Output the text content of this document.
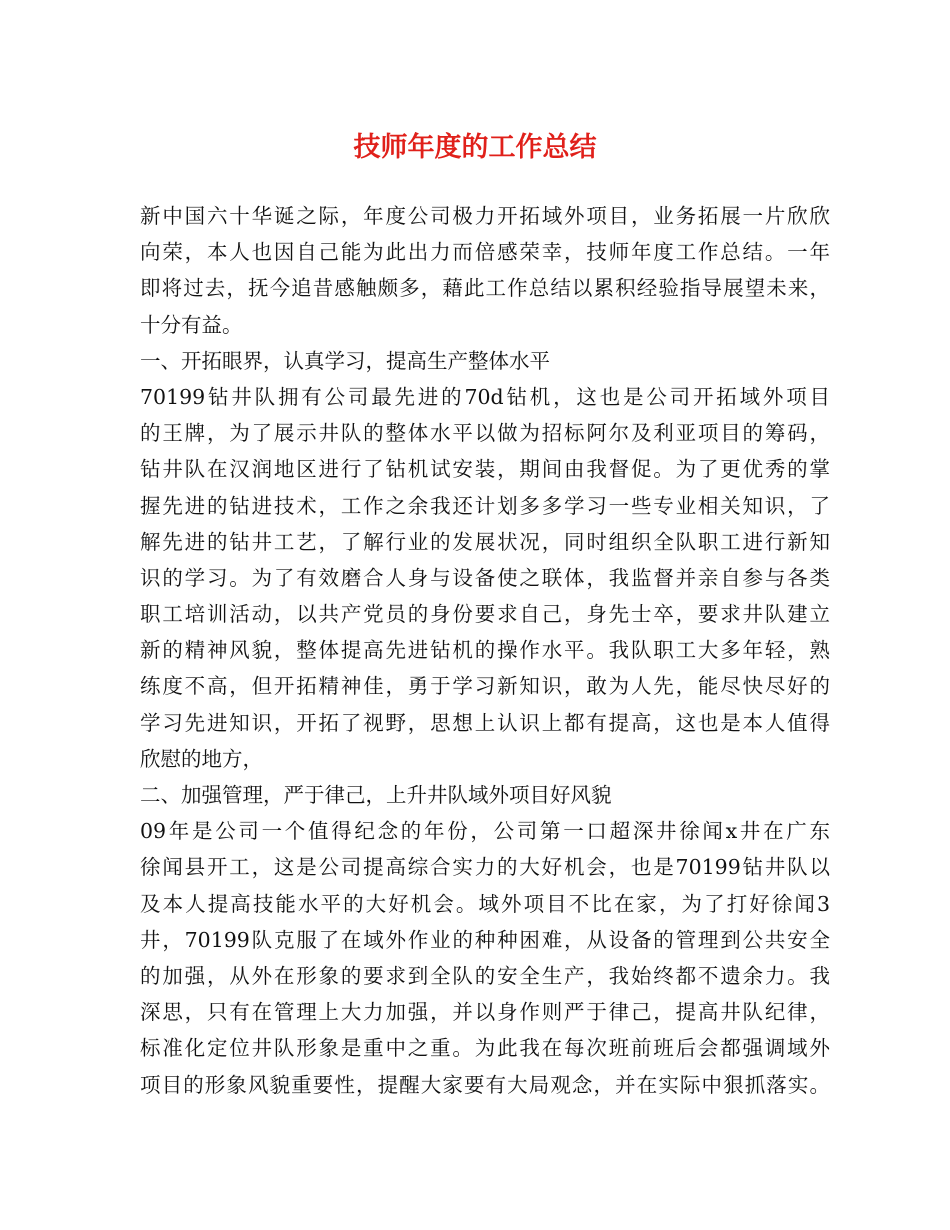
技师年度的工作总结

新中国六十华诞之际，年度公司极力开拓域外项目，业务拓展一片欣欣

向荣，本人也因自己能为此出力而倍感荣幸，技师年度工作总结。一年

即将过去，抚今追昔感触颇多，藉此工作总结以累积经验指导展望未来，

十分有益。

一、开拓眼界，认真学习，提高生产整体水平

70199钻井队拥有公司最先进的70d钻机，这也是公司开拓域外项目

的王牌，为了展示井队的整体水平以做为招标阿尔及利亚项目的筹码，

钻井队在汉润地区进行了钻机试安装，期间由我督促。为了更优秀的掌

握先进的钻进技术，工作之余我还计划多多学习一些专业相关知识，了

解先进的钻井工艺，了解行业的发展状况，同时组织全队职工进行新知

识的学习。为了有效磨合人身与设备使之联体，我监督并亲自参与各类

职工培训活动，以共产党员的身份要求自己，身先士卒，要求井队建立

新的精神风貌，整体提高先进钻机的操作水平。我队职工大多年轻，熟

练度不高，但开拓精神佳，勇于学习新知识，敢为人先，能尽快尽好的

学习先进知识，开拓了视野，思想上认识上都有提高，这也是本人值得

欣慰的地方，

二、加强管理，严于律己，上升井队域外项目好风貌

09年是公司一个值得纪念的年份，公司第一口超深井徐闻x井在广东

徐闻县开工，这是公司提高综合实力的大好机会，也是70199钻井队以

及本人提高技能水平的大好机会。域外项目不比在家，为了打好徐闻3

井，70199队克服了在域外作业的种种困难，从设备的管理到公共安全

的加强，从外在形象的要求到全队的安全生产，我始终都不遗余力。我

深思，只有在管理上大力加强，并以身作则严于律己，提高井队纪律，

标准化定位井队形象是重中之重。为此我在每次班前班后会都强调域外

项目的形象风貌重要性，提醒大家要有大局观念，并在实际中狠抓落实。
